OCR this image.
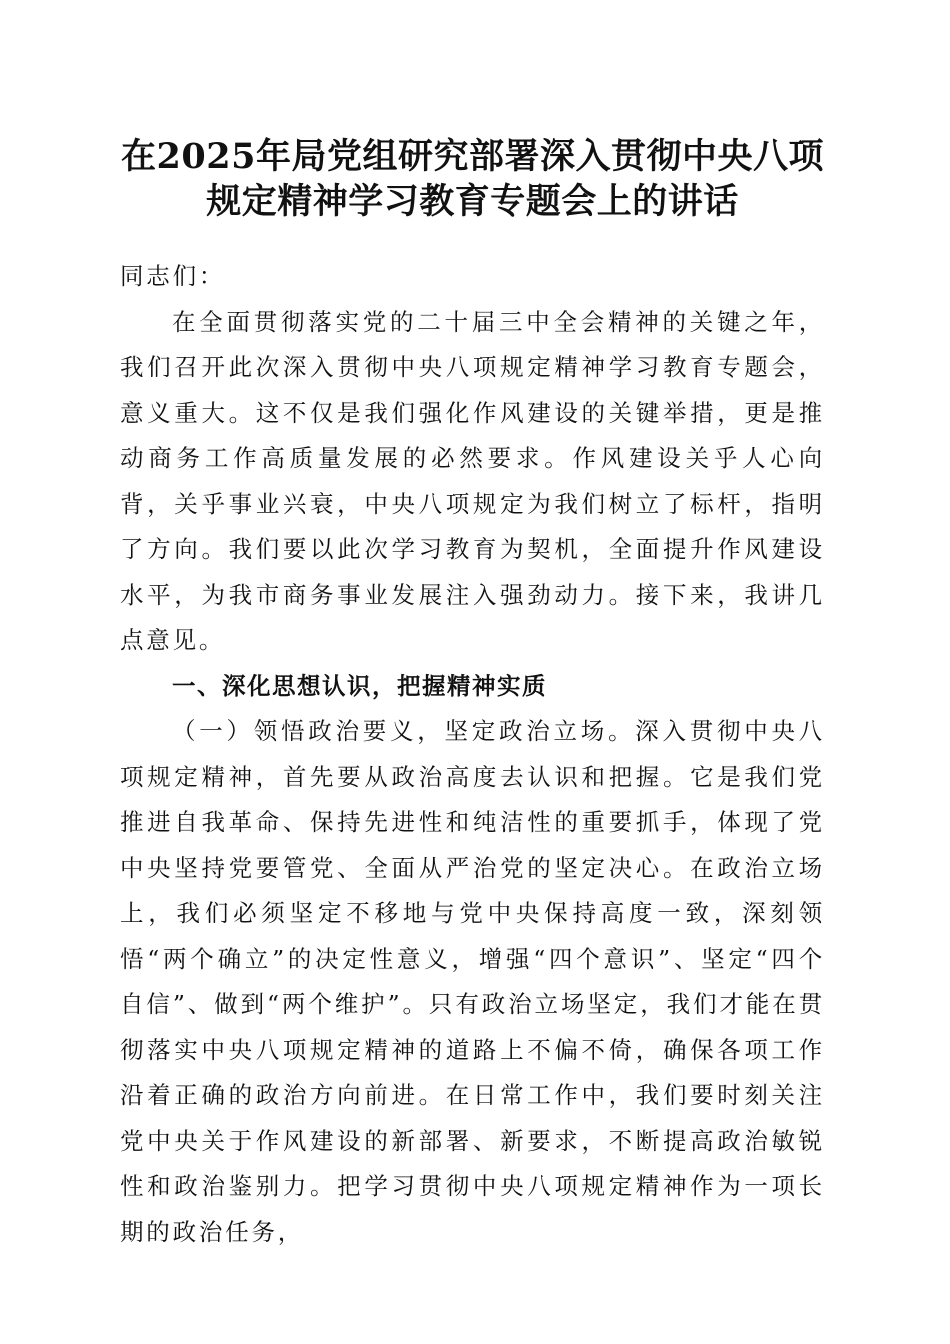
在2025年局党组研究部署深入贯彻中央八项
规定精神学习教育专题会上的讲话

同志们：

在全面贯彻落实党的二十届三中全会精神的关键之年，我们召开此次深入贯彻中央八项规定精神学习教育专题会，意义重大。这不仅是我们强化作风建设的关键举措，更是推动商务工作高质量发展的必然要求。作风建设关乎人心向背，关乎事业兴衰，中央八项规定为我们树立了标杆，指明了方向。我们要以此次学习教育为契机，全面提升作风建设水平，为我市商务事业发展注入强劲动力。接下来，我讲几点意见。

一、深化思想认识，把握精神实质

（一）领悟政治要义，坚定政治立场。深入贯彻中央八项规定精神，首先要从政治高度去认识和把握。它是我们党推进自我革命、保持先进性和纯洁性的重要抓手，体现了党中央坚持党要管党、全面从严治党的坚定决心。在政治立场上，我们必须坚定不移地与党中央保持高度一致，深刻领悟“两个确立”的决定性意义，增强“四个意识”、坚定“四个自信”、做到“两个维护”。只有政治立场坚定，我们才能在贯彻落实中央八项规定精神的道路上不偏不倚，确保各项工作沿着正确的政治方向前进。在日常工作中，我们要时刻关注党中央关于作风建设的新部署、新要求，不断提高政治敏锐性和政治鉴别力。把学习贯彻中央八项规定精神作为一项长期的政治任务，
